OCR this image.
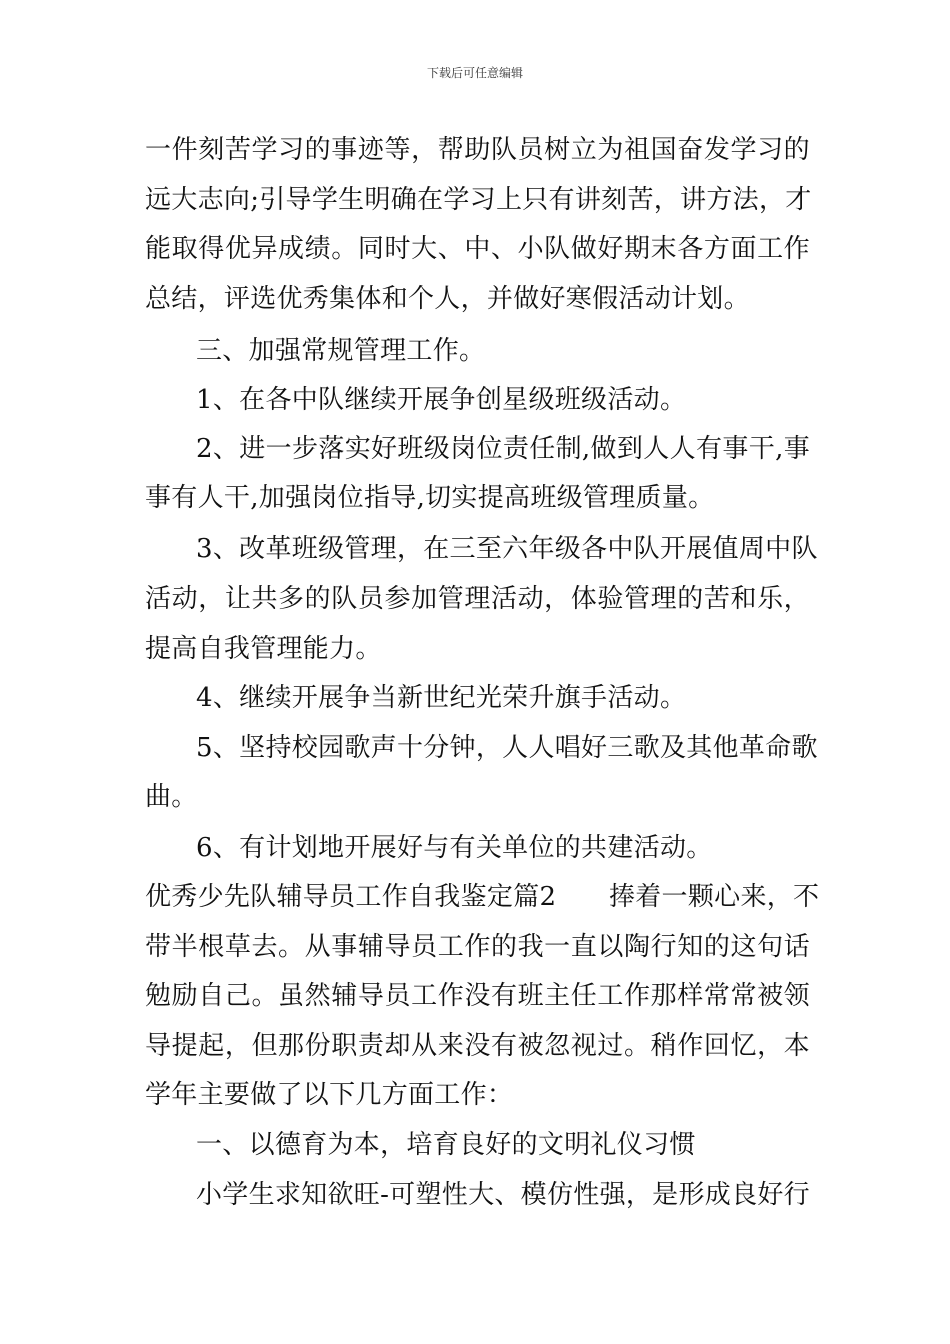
下载后可任意编辑
一件刻苦学习的事迹等，帮助队员树立为祖国奋发学习的
远大志向;引导学生明确在学习上只有讲刻苦，讲方法，才
能取得优异成绩。同时大、中、小队做好期末各方面工作
总结，评选优秀集体和个人，并做好寒假活动计划。
三、加强常规管理工作。
1、在各中队继续开展争创星级班级活动。
2、进一步落实好班级岗位责任制,做到人人有事干,事
事有人干,加强岗位指导,切实提高班级管理质量。
3、改革班级管理，在三至六年级各中队开展值周中队
活动，让共多的队员参加管理活动，体验管理的苦和乐，
提高自我管理能力。
4、继续开展争当新世纪光荣升旗手活动。
5、坚持校园歌声十分钟，人人唱好三歌及其他革命歌
曲。
6、有计划地开展好与有关单位的共建活动。
优秀少先队辅导员工作自我鉴定篇2　　捧着一颗心来，不
带半根草去。从事辅导员工作的我一直以陶行知的这句话
勉励自己。虽然辅导员工作没有班主任工作那样常常被领
导提起，但那份职责却从来没有被忽视过。稍作回忆，本
学年主要做了以下几方面工作：
一、以德育为本，培育良好的文明礼仪习惯
小学生求知欲旺-可塑性大、模仿性强，是形成良好行
